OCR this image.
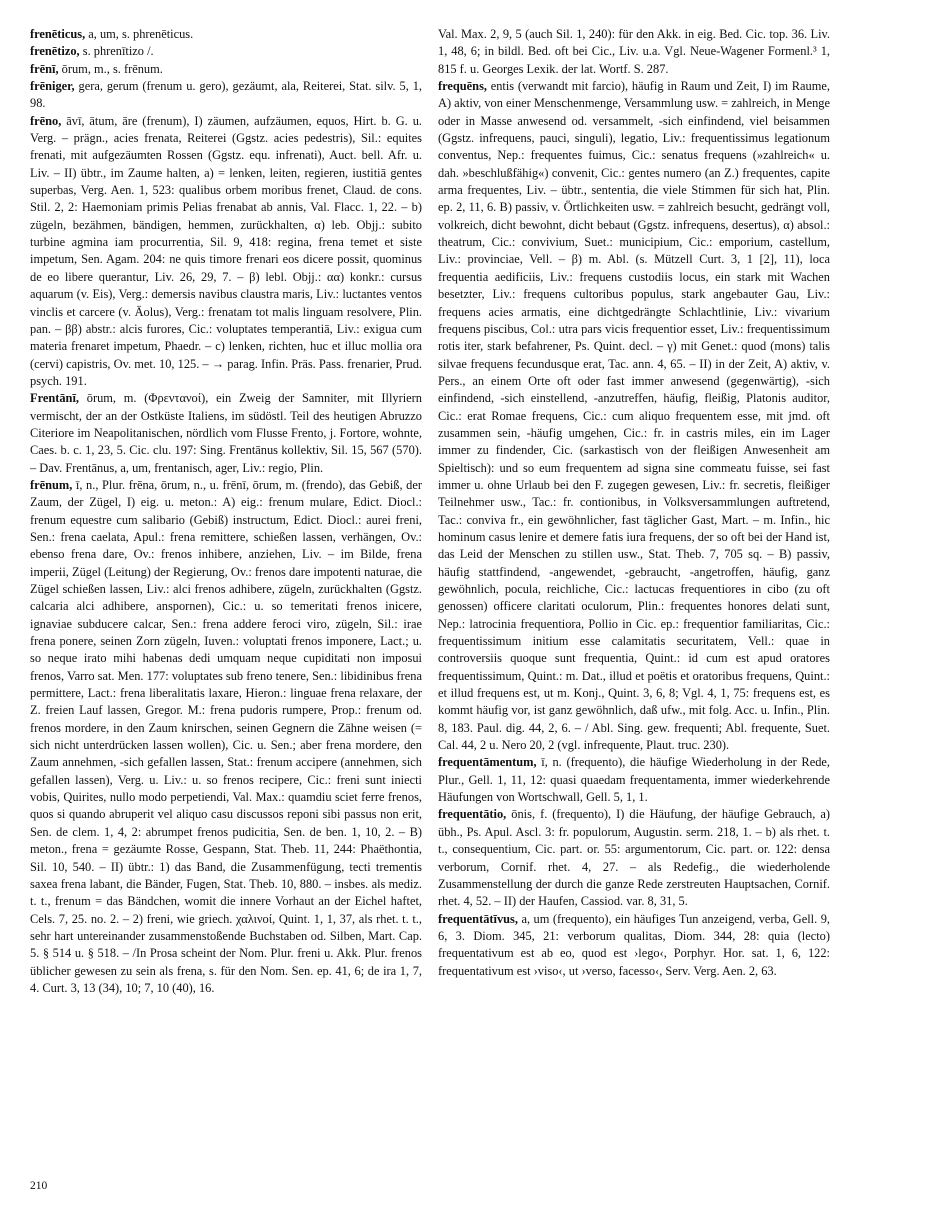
frenēticus, a, um, s. phrenēticus.

frenētizo, s. phrenītizo /.

frēnī, ōrum, m., s. frēnum.

frēniger, gera, gerum (frenum u. gero), gezäumt, ala, Reiterei, Stat. silv. 5, 1, 98.

frēno, āvī, ātum, āre (frenum), I) zäumen, aufzäumen, equos, Hirt. b. G. u. Verg. – prägn., acies frenata, Reiterei (Ggstz. acies pedestris), Sil.: equites frenati, mit aufgezäumten Rossen (Ggstz. equ. infrenati), Auct. bell. Afr. u. Liv. – II) übtr., im Zaume halten, a) = lenken, leiten, regieren, iustitiā gentes superbas, Verg. Aen. 1, 523: qualibus orbem moribus frenet, Claud. de cons. Stil. 2, 2: Haemoniam primis Pelias frenabat ab annis, Val. Flacc. 1, 22. – b) zügeln, bezähmen, bändigen, hemmen, zurückhalten, α) leb. Objj.: subito turbine agmina iam procurrentia, Sil. 9, 418: regina, frena temet et siste impetum, Sen. Agam. 204: ne quis timore frenari eos dicere possit, quominus de eo libere querantur, Liv. 26, 29, 7. – β) lebl. Objj.: αα) konkr.: cursus aquarum (v. Eis), Verg.: demersis navibus claustra maris, Liv.: luctantes ventos vinclis et carcere (v. Äolus), Verg.: frenatam tot malis linguam resolvere, Plin. pan. – ββ) abstr.: alcis furores, Cic.: voluptates temperantiā, Liv.: exigua cum materia frenaret impetum, Phaedr. – c) lenken, richten, huc et illuc mollia ora (cervi) capistris, Ov. met. 10, 125. – → parag. Infin. Präs. Pass. frenarier, Prud. psych. 191.

Frentānī, ōrum, m. (Φρεντανοί), ein Zweig der Samniter, mit Illyriern vermischt, der an der Ostküste Italiens, im südöstl. Teil des heutigen Abruzzo Citeriore im Neapolitanischen, nördlich vom Flusse Frento, j. Fortore, wohnte, Caes. b. c. 1, 23, 5. Cic. clu. 197: Sing. Frentānus kollektiv, Sil. 15, 567 (570). – Dav. Frentānus, a, um, frentanisch, ager, Liv.: regio, Plin.

frēnum, ī, n., Plur. frēna, ōrum, n., u. frēnī, ōrum, m. (frendo), das Gebiß, der Zaum, der Zügel, I) eig. u. meton.: A) eig.: frenum mulare, Edict. Diocl.: frenum equestre cum salibario (Gebiß) instructum, Edict. Diocl.: aurei freni, Sen.: frena caelata, Apul.: frena remittere, schießen lassen, verhängen, Ov.: ebenso frena dare, Ov.: frenos inhibere, anziehen, Liv. – im Bilde, frena imperii, Zügel (Leitung) der Regierung, Ov.: frenos dare impotenti naturae, die Zügel schießen lassen, Liv.: alci frenos adhibere, zügeln, zurückhalten (Ggstz. calcaria alci adhibere, anspornen), Cic.: u. so temeritati frenos inicere, ignaviae subducere calcar, Sen.: frena addere feroci viro, zügeln, Sil.: irae frena ponere, seinen Zorn zügeln, Iuven.: voluptati frenos imponere, Lact.; u. so neque irato mihi habenas dedi umquam neque cupiditati non imposui frenos, Varro sat. Men. 177: voluptates sub freno tenere, Sen.: libidinibus frena permittere, Lact.: frena liberalitatis laxare, Hieron.: linguae frena relaxare, der Z. freien Lauf lassen, Gregor. M.: frena pudoris rumpere, Prop.: frenum od. frenos mordere, in den Zaum knirschen, seinen Gegnern die Zähne weisen (= sich nicht unterdrücken lassen wollen), Cic. u. Sen.; aber frena mordere, den Zaum annehmen, -sich gefallen lassen, Stat.: frenum accipere (annehmen, sich gefallen lassen), Verg. u. Liv.: u. so frenos recipere, Cic.: freni sunt iniecti vobis, Quirites, nullo modo perpetiendi, Val. Max.: quamdiu sciet ferre frenos, quos si quando abruperit vel aliquo casu discussos reponi sibi passus non erit, Sen. de clem. 1, 4, 2: abrumpet frenos pudicitia, Sen. de ben. 1, 10, 2. – B) meton., frena = gezäumte Rosse, Gespann, Stat. Theb. 11, 244: Phaëthontia, Sil. 10, 540. – II) übtr.: 1) das Band, die Zusammenfügung, tecti trementis saxea frena labant, die Bänder, Fugen, Stat. Theb. 10, 880. – insbes. als mediz. t. t., frenum = das Bändchen, womit die innere Vorhaut an der Eichel haftet, Cels. 7, 25. no. 2. – 2) freni, wie griech. χαλινοί, Quint. 1, 1, 37, als rhet. t. t., sehr hart untereinander zusammenstoßende Buchstaben od. Silben, Mart. Cap. 5. § 514 u. § 518. – /In Prosa scheint der Nom. Plur. freni u. Akk. Plur. frenos üblicher gewesen zu sein als frena, s. für den Nom. Sen. ep. 41, 6; de ira 1, 7, 4. Curt. 3, 13 (34), 10; 7, 10 (40), 16.

Val. Max. 2, 9, 5 (auch Sil. 1, 240): für den Akk. in eig. Bed. Cic. top. 36. Liv. 1, 48, 6; in bildl. Bed. oft bei Cic., Liv. u.a. Vgl. Neue-Wagener Formenl.³ 1, 815 f. u. Georges Lexik. der lat. Wortf. S. 287.

frequēns, entis (verwandt mit farcio), häufig in Raum und Zeit, I) im Raume, A) aktiv, von einer Menschenmenge, Versammlung usw. = zahlreich, in Menge oder in Masse anwesend od. versammelt, -sich einfindend, viel beisammen (Ggstz. infrequens, pauci, singuli), legatio, Liv.: frequentissimus legationum conventus, Nep.: frequentes fuimus, Cic.: senatus frequens (»zahlreich« u. dah. »beschlußfähig«) convenit, Cic.: gentes numero (an Z.) frequentes, capite arma frequentes, Liv. – übtr., sententia, die viele Stimmen für sich hat, Plin. ep. 2, 11, 6. B) passiv, v. Örtlichkeiten usw. = zahlreich besucht, gedrängt voll, volkreich, dicht bewohnt, dicht bebaut (Ggstz. infrequens, desertus), α) absol.: theatrum, Cic.: convivium, Suet.: municipium, Cic.: emporium, castellum, Liv.: provinciae, Vell. – β) m. Abl. (s. Mützell Curt. 3, 1 [2], 11), loca frequentia aedificiis, Liv.: frequens custodiis locus, ein stark mit Wachen besetzter, Liv.: frequens cultoribus populus, stark angebauter Gau, Liv.: frequens acies armatis, eine dichtgedrängte Schlachtlinie, Liv.: vivarium frequens piscibus, Col.: utra pars vicis frequentior esset, Liv.: frequentissimum rotis iter, stark befahrener, Ps. Quint. decl. – γ) mit Genet.: quod (mons) talis silvae frequens fecundusque erat, Tac. ann. 4, 65. – II) in der Zeit, A) aktiv, v. Pers., an einem Orte oft oder fast immer anwesend (gegenwärtig), -sich einfindend, -sich einstellend, -anzutreffen, häufig, fleißig, Platonis auditor, Cic.: erat Romae frequens, Cic.: cum aliquo frequentem esse, mit jmd. oft zusammen sein, -häufig umgehen, Cic.: fr. in castris miles, ein im Lager immer zu findender, Cic. (sarkastisch von der fleißigen Anwesenheit am Spieltisch): und so eum frequentem ad signa sine commeatu fuisse, sei fast immer u. ohne Urlaub bei den F. zugegen gewesen, Liv.: fr. secretis, fleißiger Teilnehmer usw., Tac.: fr. contionibus, in Volksversammlungen auftretend, Tac.: conviva fr., ein gewöhnlicher, fast täglicher Gast, Mart. – m. Infin., hic hominum casus lenire et demere fatis iura frequens, der so oft bei der Hand ist, das Leid der Menschen zu stillen usw., Stat. Theb. 7, 705 sq. – B) passiv, häufig stattfindend, -angewendet, -gebraucht, -angetroffen, häufig, ganz gewöhnlich, pocula, reichliche, Cic.: lactucas frequentiores in cibo (zu oft genossen) officere claritati oculorum, Plin.: frequentes honores delati sunt, Nep.: latrocinia frequentiora, Pollio in Cic. ep.: frequentior familiaritas, Cic.: frequentissimum initium esse calamitatis securitatem, Vell.: quae in controversiis quoque sunt frequentia, Quint.: id cum est apud oratores frequentissimum, Quint.: m. Dat., illud et poëtis et oratoribus frequens, Quint.: et illud frequens est, ut m. Konj., Quint. 3, 6, 8; Vgl. 4, 1, 75: frequens est, es kommt häufig vor, ist ganz gewöhnlich, daß ufw., mit folg. Acc. u. Infin., Plin. 8, 183. Paul. dig. 44, 2, 6. – / Abl. Sing. gew. frequenti; Abl. frequente, Suet. Cal. 44, 2 u. Nero 20, 2 (vgl. infrequente, Plaut. truc. 230).

frequentāmentum, ī, n. (frequento), die häufige Wiederholung in der Rede, Plur., Gell. 1, 11, 12: quasi quaedam frequentamenta, immer wiederkehrende Häufungen von Wortschwall, Gell. 5, 1, 1.

frequentātio, ōnis, f. (frequento), I) die Häufung, der häufige Gebrauch, a) übh., Ps. Apul. Ascl. 3: fr. populorum, Augustin. serm. 218, 1. – b) als rhet. t. t., consequentium, Cic. part. or. 55: argumentorum, Cic. part. or. 122: densa verborum, Cornif. rhet. 4, 27. – als Redefig., die wiederholende Zusammenstellung der durch die ganze Rede zerstreuten Hauptsachen, Cornif. rhet. 4, 52. – II) der Haufen, Cassiod. var. 8, 31, 5.

frequentātīvus, a, um (frequento), ein häufiges Tun anzeigend, verba, Gell. 9, 6, 3. Diom. 345, 21: verborum qualitas, Diom. 344, 28: quia (lecto) frequentativum est ab eo, quod est ›lego‹, Porphyr. Hor. sat. 1, 6, 122: frequentativum est ›viso‹, ut ›verso, facesso‹, Serv. Verg. Aen. 2, 63.

210
